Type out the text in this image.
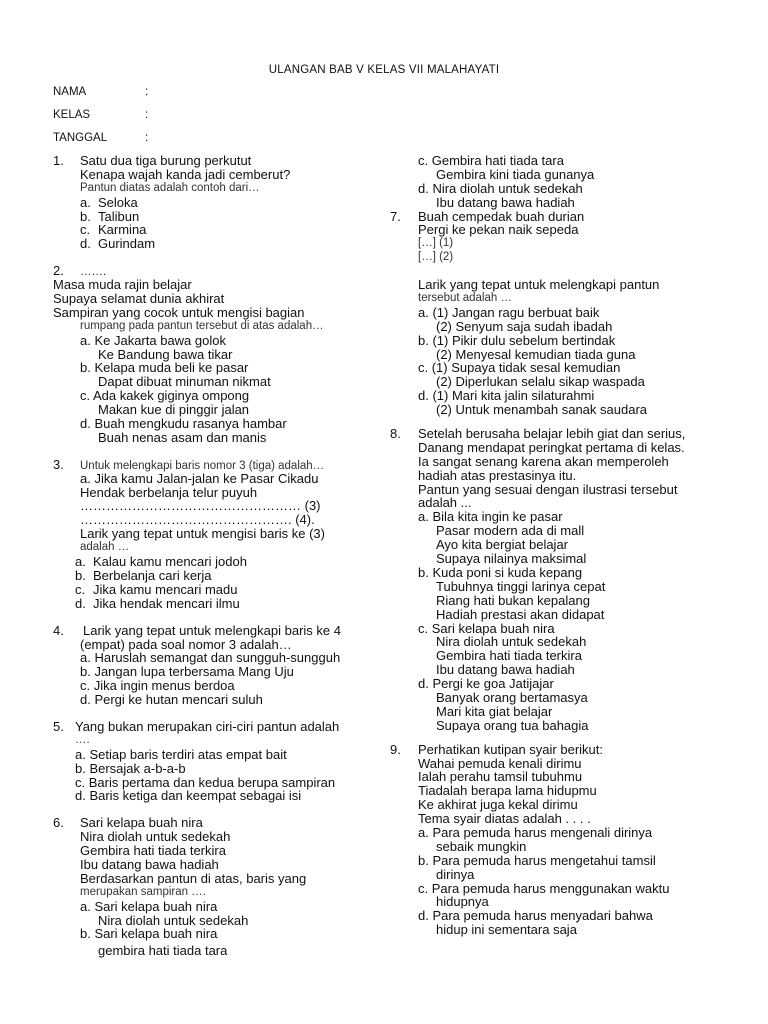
ULANGAN BAB V KELAS VII MALAHAYATI
NAMA	:
KELAS	:
TANGGAL	:
1. Satu dua tiga burung perkutut
Kenapa wajah kanda jadi cemberut?
Pantun diatas adalah contoh dari…
a. Seloka
b. Talibun
c. Karmina
d. Gurindam
2. …….
Masa muda rajin belajar
Supaya selamat dunia akhirat
Sampiran yang cocok untuk mengisi bagian
rumpang pada pantun tersebut di atas adalah…
a. Ke Jakarta bawa golok
Ke Bandung bawa tikar
b. Kelapa muda beli ke pasar
Dapat dibuat minuman nikmat
c. Ada kakek giginya ompong
Makan kue di pinggir jalan
d. Buah mengkudu rasanya hambar
Buah nenas asam dan manis
3. Untuk melengkapi baris nomor 3 (tiga) adalah…
a. Jika kamu Jalan-jalan ke Pasar Cikadu
Hendak berbelanja telur puyuh
…………………………………………… (3)
…………………………………………. (4).
Larik yang tepat untuk mengisi baris ke (3)
adalah …
a. Kalau kamu mencari jodoh
b. Berbelanja cari kerja
c. Jika kamu mencari madu
d. Jika hendak mencari ilmu
4. Larik yang tepat untuk melengkapi baris ke 4
(empat) pada soal nomor 3 adalah…
a. Haruslah semangat dan sungguh-sungguh
b. Jangan lupa terbersama Mang Uju
c. Jika ingin menus berdoa
d. Pergi ke hutan mencari suluh
5. Yang bukan merupakan ciri-ciri pantun adalah
….
a. Setiap baris terdiri atas empat bait
b. Bersajak a-b-a-b
c. Baris pertama dan kedua berupa sampiran
d. Baris ketiga dan keempat sebagai isi
6. Sari kelapa buah nira
Nira diolah untuk sedekah
Gembira hati tiada terkira
Ibu datang bawa hadiah
Berdasarkan pantun di atas, baris yang
merupakan sampiran ….
a. Sari kelapa buah nira
Nira diolah untuk sedekah
b. Sari kelapa buah nira
gembira hati tiada tara
c. Gembira hati tiada tara
Gembira kini tiada gunanya
d. Nira diolah untuk sedekah
Ibu datang bawa hadiah
7. Buah cempedak buah durian
Pergi ke pekan naik sepeda
[…] (1)
[…] (2)
Larik yang tepat untuk melengkapi pantun
tersebut adalah …
a. (1) Jangan ragu berbuat baik
(2) Senyum saja sudah ibadah
b. (1) Pikir dulu sebelum bertindak
(2) Menyesal kemudian tiada guna
c. (1) Supaya tidak sesal kemudian
(2) Diperlukan selalu sikap waspada
d. (1) Mari kita jalin silaturahmi
(2) Untuk menambah sanak saudara
8. Setelah berusaha belajar lebih giat dan serius,
Danang mendapat peringkat pertama di kelas.
Ia sangat senang karena akan memperoleh
hadiah atas prestasinya itu.
Pantun yang sesuai dengan ilustrasi tersebut
adalah ...
a. Bila kita ingin ke pasar
Pasar modern ada di mall
Ayo kita bergiat belajar
Supaya nilainya maksimal
b. Kuda poni si kuda kepang
Tubuhnya tinggi larinya cepat
Riang hati bukan kepalang
Hadiah prestasi akan didapat
c. Sari kelapa buah nira
Nira diolah untuk sedekah
Gembira hati tiada terkira
Ibu datang bawa hadiah
d. Pergi ke goa Jatijajar
Banyak orang bertamasya
Mari kita giat belajar
Supaya orang tua bahagia
9. Perhatikan kutipan syair berikut:
Wahai pemuda kenali dirimu
Ialah perahu tamsil tubuhmu
Tiadalah berapa lama hidupmu
Ke akhirat juga kekal dirimu
Tema syair diatas adalah . . . .
a. Para pemuda harus mengenali dirinya
sebaik mungkin
b. Para pemuda harus mengetahui tamsil
dirinya
c. Para pemuda harus menggunakan waktu
hidupnya
d. Para pemuda harus menyadari bahwa
hidup ini sementara saja
